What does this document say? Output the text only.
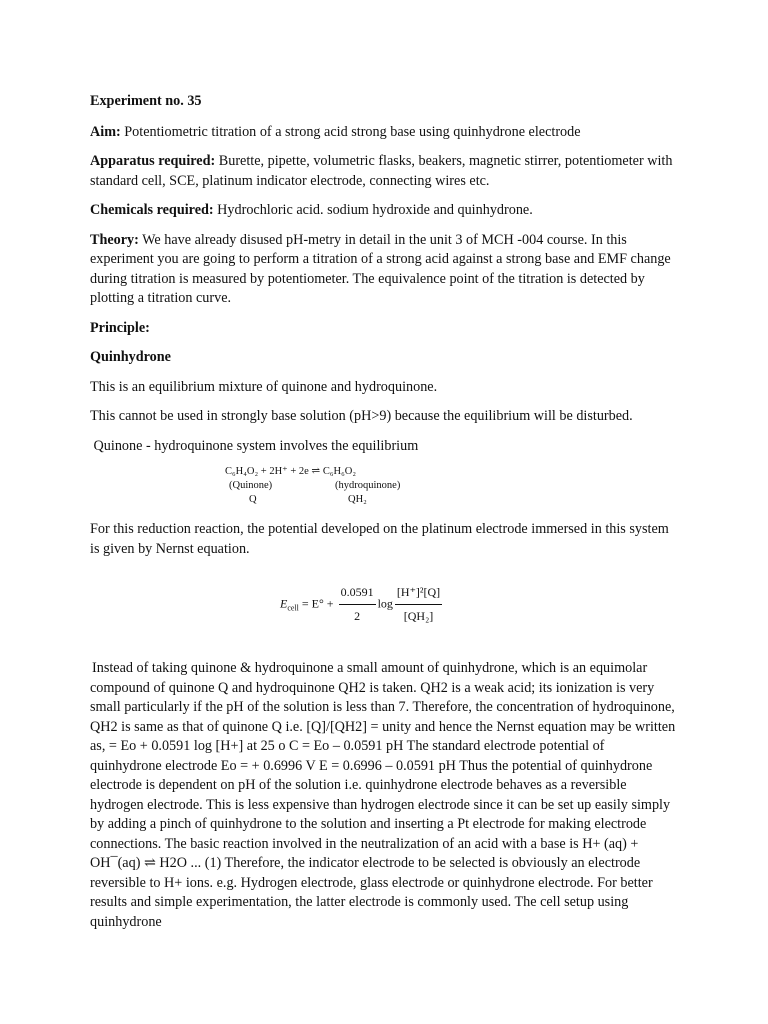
Experiment no. 35

Aim: Potentiometric titration of a strong acid strong base using quinhydrone electrode

Apparatus required: Burette, pipette, volumetric flasks, beakers, magnetic stirrer, potentiometer with standard cell, SCE, platinum indicator electrode, connecting wires etc.

Chemicals required: Hydrochloric acid. sodium hydroxide and quinhydrone.

Theory: We have already disused pH-metry in detail in the unit 3 of MCH -004 course. In this experiment you are going to perform a titration of a strong acid against a strong base and EMF change during titration is measured by potentiometer. The equivalence point of the titration is detected by plotting a titration curve.

Principle:

Quinhydrone

This is an equilibrium mixture of quinone and hydroquinone.

This cannot be used in strongly base solution (pH>9) because the equilibrium will be disturbed.

Quinone - hydroquinone system involves the equilibrium

C₆H₄O₂ + 2H⁺ + 2e ⇌ C₆H₆O₂
(Quinone)	(hydroquinone)
Q	QH₂

For this reduction reaction, the potential developed on the platinum electrode immersed in this system is given by Nernst equation.

$E_{cell} = E^\circ + \frac{0.0591}{2}$ $\log \frac{\text{[H⁺]²[Q]}}{\text{[QH₂]}}$

Instead of taking quinone & hydroquinone a small amount of quinhydrone, which is an equimolar compound of quinone Q and hydroquinone QH2 is taken. QH2 is a weak acid; its ionization is very small particularly if the pH of the solution is less than 7. Therefore, the concentration of hydroquinone, QH2 is same as that of quinone Q i.e. [Q]/[QH2] = unity and hence the Nernst equation may be written as, = Eo + 0.0591 log [H+] at 25 o C = Eo – 0.0591 pH The standard electrode potential of quinhydrone electrode Eo = + 0.6996 V E = 0.6996 – 0.0591 pH Thus the potential of quinhydrone electrode is dependent on pH of the solution i.e. quinhydrone electrode behaves as a reversible hydrogen electrode. This is less expensive than hydrogen electrode since it can be set up easily simply by adding a pinch of quinhydrone to the solution and inserting a Pt electrode for making electrode connections. The basic reaction involved in the neutralization of an acid with a base is H+ (aq) + OH¯(aq) ⇌ H2O ... (1) Therefore, the indicator electrode to be selected is obviously an electrode reversible to H+ ions. e.g. Hydrogen electrode, glass electrode or quinhydrone electrode. For better results and simple experimentation, the latter electrode is commonly used. The cell setup using quinhydrone
